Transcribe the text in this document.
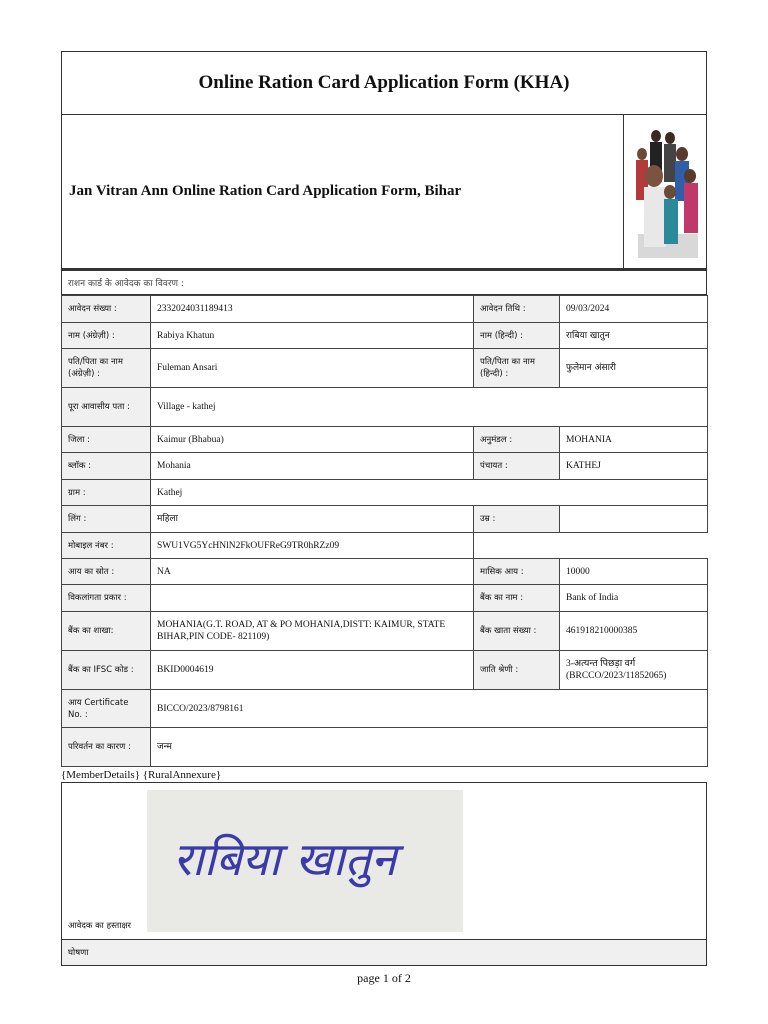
Online Ration Card Application Form (KHA)
Jan Vitran Ann Online Ration Card Application Form, Bihar
राशन कार्ड के आवेदक का विवरण :
आवेदन संख्या :	2332024031189413	आवेदन तिथि :	09/03/2024
नाम (अंग्रेज़ी) :	Rabiya Khatun	नाम (हिन्दी) :	राबिया खातुन
पति/पिता का नाम (अंग्रेज़ी) :	Fuleman Ansari	पति/पिता का नाम (हिन्दी) :	फुलेमान अंसारी
पूरा आवासीय पता :	Village - kathej		
जिला :	Kaimur (Bhabua)	अनुमंडल :	MOHANIA
ब्लॉक :	Mohania	पंचायत :	KATHEJ
ग्राम :	Kathej		
लिंग :	महिला	उम्र :	
मोबाइल नंबर :	SWU1VG5YcHNlN2FkOUFReG9TR0hRZz09		
आय का स्रोत :	NA	मासिक आय :	10000
विकलांगता प्रकार :		बैंक का नाम :	Bank of India
बैंक का शाखा:	MOHANIA(G.T. ROAD, AT & PO MOHANIA,DISTT: KAIMUR, STATE BIHAR,PIN CODE- 821109)	बैंक खाता संख्या :	461918210000385
बैंक का IFSC कोड :	BKID0004619	जाति श्रेणी :	3-अत्यन्त पिछड़ा वर्ग (BRCCO/2023/11852065)
आय Certificate No. :	BICCO/2023/8798161		
परिवर्तन का कारण :	जन्म		
{MemberDetails} {RuralAnnexure}
राबिया खातुन
आवेदक का हस्ताक्षर
घोषणा
page 1 of 2
